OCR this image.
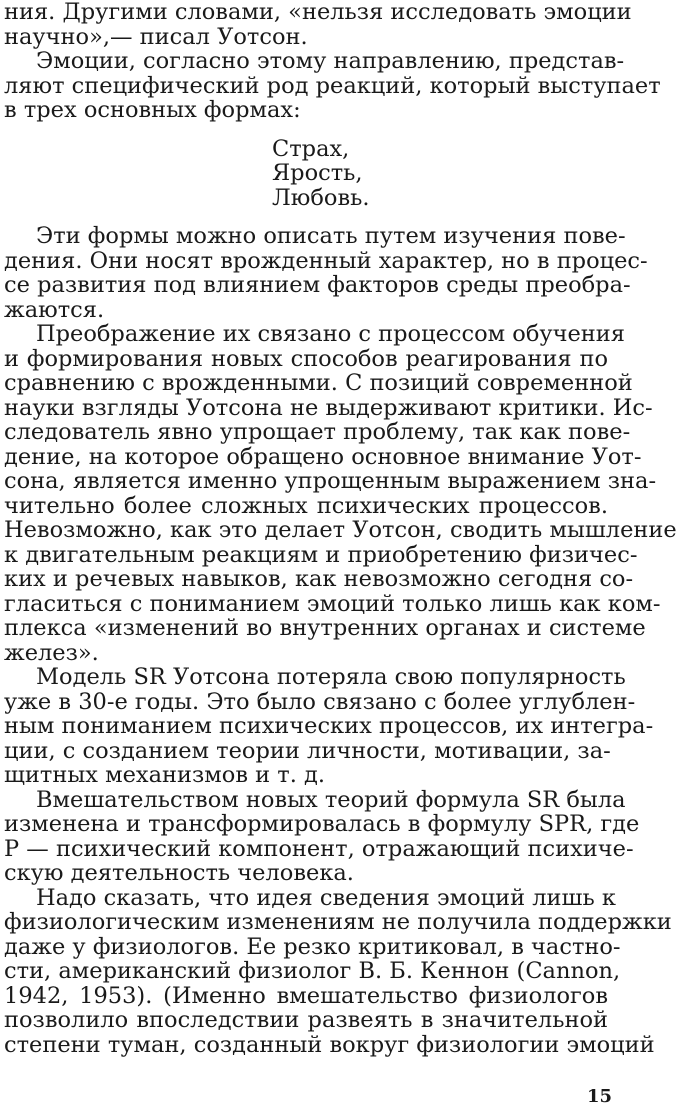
ния. Другими словами, «нельзя исследовать эмоции
научно»,— писал Уотсон.
Эмоции, согласно этому направлению, представ-
ляют специфический род реакций, который выступает
в трех основных формах:
Страх,
Ярость,
Любовь.
Эти формы можно описать путем изучения пове-
дения. Они носят врожденный характер, но в процес-
се развития под влиянием факторов среды преобра-
жаются.
Преображение их связано с процессом обучения
и формирования новых способов реагирования по
сравнению с врожденными. С позиций современной
науки взгляды Уотсона не выдерживают критики. Ис-
следователь явно упрощает проблему, так как пове-
дение, на которое обращено основное внимание Уот-
сона, является именно упрощенным выражением зна-
чительно более сложных психических процессов.
Невозможно, как это делает Уотсон, сводить мышление
к двигательным реакциям и приобретению физичес-
ких и речевых навыков, как невозможно сегодня со-
гласиться с пониманием эмоций только лишь как ком-
плекса «изменений во внутренних органах и системе
желез».
Модель SR Уотсона потеряла свою популярность
уже в 30-е годы. Это было связано с более углублен-
ным пониманием психических процессов, их интегра-
ции, с созданием теории личности, мотивации, за-
щитных механизмов и т. д.
Вмешательством новых теорий формула SR была
изменена и трансформировалась в формулу SPR, где
P — психический компонент, отражающий психиче-
скую деятельность человека.
Надо сказать, что идея сведения эмоций лишь к
физиологическим изменениям не получила поддержки
даже у физиологов. Ее резко критиковал, в частно-
сти, американский физиолог В. Б. Кеннон (Cannon,
1942, 1953). (Именно вмешательство физиологов
позволило впоследствии развеять в значительной
степени туман, созданный вокруг физиологии эмоций
15
